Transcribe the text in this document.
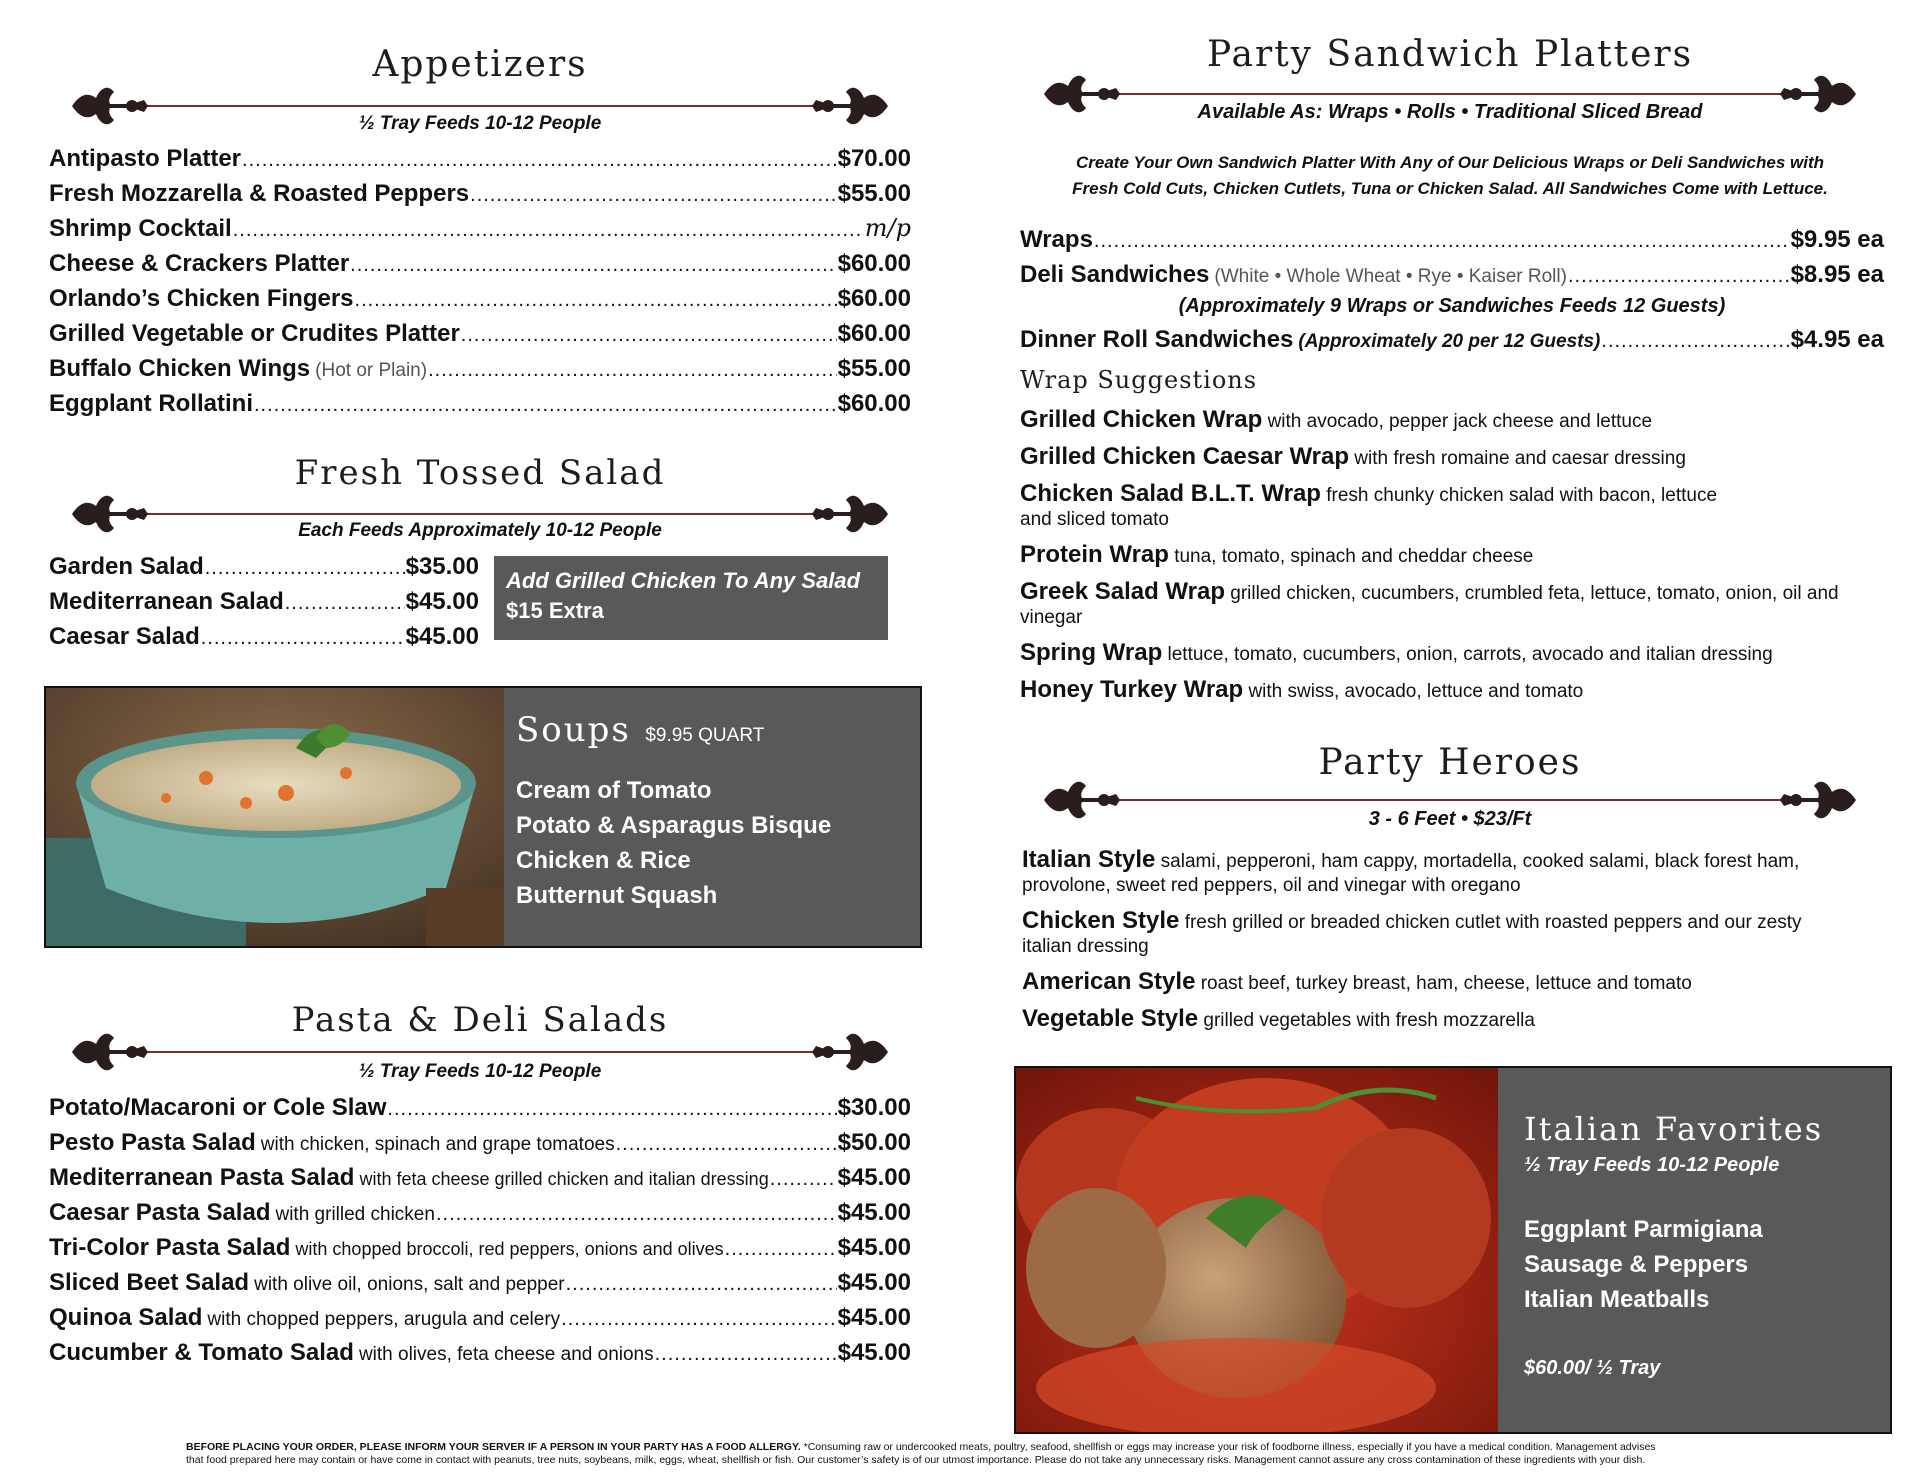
Appetizers
½ Tray Feeds 10-12 People
Antipasto Platter .....	$70.00
Fresh Mozzarella & Roasted Peppers .....	$55.00
Shrimp Cocktail .....	m/p
Cheese & Crackers Platter .....	$60.00
Orlando’s Chicken Fingers .....	$60.00
Grilled Vegetable or Crudites Platter .....	$60.00
Buffalo Chicken Wings (Hot or Plain) .....	$55.00
Eggplant Rollatini .....	$60.00
Fresh Tossed Salad
Each Feeds Approximately 10-12 People
Garden Salad .....	$35.00
Mediterranean Salad .....	$45.00
Caesar Salad .....	$45.00
Add Grilled Chicken To Any Salad
$15 Extra
Soups $9.95 QUART
Cream of Tomato
Potato & Asparagus Bisque
Chicken & Rice
Butternut Squash
Pasta & Deli Salads
½ Tray Feeds 10-12 People
Potato/Macaroni or Cole Slaw .....	$30.00
Pesto Pasta Salad with chicken, spinach and grape tomatoes .....	$50.00
Mediterranean Pasta Salad with feta cheese grilled chicken and italian dressing .....	$45.00
Caesar Pasta Salad with grilled chicken .....	$45.00
Tri-Color Pasta Salad with chopped broccoli, red peppers, onions and olives .....	$45.00
Sliced Beet Salad with olive oil, onions, salt and pepper .....	$45.00
Quinoa Salad with chopped peppers, arugula and celery .....	$45.00
Cucumber & Tomato Salad with olives, feta cheese and onions .....	$45.00
Party Sandwich Platters
Available As: Wraps • Rolls • Traditional Sliced Bread
Create Your Own Sandwich Platter With Any of Our Delicious Wraps or Deli Sandwiches with
Fresh Cold Cuts, Chicken Cutlets, Tuna or Chicken Salad. All Sandwiches Come with Lettuce.
Wraps .....	$9.95 ea
Deli Sandwiches (White • Whole Wheat • Rye • Kaiser Roll) .....	$8.95 ea
(Approximately 9 Wraps or Sandwiches Feeds 12 Guests)
Dinner Roll Sandwiches (Approximately 20 per 12 Guests) .....	$4.95 ea
Wrap Suggestions
Grilled Chicken Wrap with avocado, pepper jack cheese and lettuce
Grilled Chicken Caesar Wrap with fresh romaine and caesar dressing
Chicken Salad B.L.T. Wrap fresh chunky chicken salad with bacon, lettuce and sliced tomato
Protein Wrap tuna, tomato, spinach and cheddar cheese
Greek Salad Wrap grilled chicken, cucumbers, crumbled feta, lettuce, tomato, onion, oil and vinegar
Spring Wrap lettuce, tomato, cucumbers, onion, carrots, avocado and italian dressing
Honey Turkey Wrap with swiss, avocado, lettuce and tomato
Party Heroes
3 - 6 Feet • $23/Ft
Italian Style salami, pepperoni, ham cappy, mortadella, cooked salami, black forest ham, provolone, sweet red peppers, oil and vinegar with oregano
Chicken Style fresh grilled or breaded chicken cutlet with roasted peppers and our zesty italian dressing
American Style roast beef, turkey breast, ham, cheese, lettuce and tomato
Vegetable Style grilled vegetables with fresh mozzarella
Italian Favorites
½ Tray Feeds 10-12 People
Eggplant Parmigiana
Sausage & Peppers
Italian Meatballs
$60.00/ ½ Tray
BEFORE PLACING YOUR ORDER, PLEASE INFORM YOUR SERVER IF A PERSON IN YOUR PARTY HAS A FOOD ALLERGY. *Consuming raw or undercooked meats, poultry, seafood, shellfish or eggs may increase your risk of foodborne illness, especially if you have a medical condition. Management advises
that food prepared here may contain or have come in contact with peanuts, tree nuts, soybeans, milk, eggs, wheat, shellfish or fish. Our customer’s safety is of our utmost importance. Please do not take any unnecessary risks. Management cannot assure any cross contamination of these ingredients with your dish.
